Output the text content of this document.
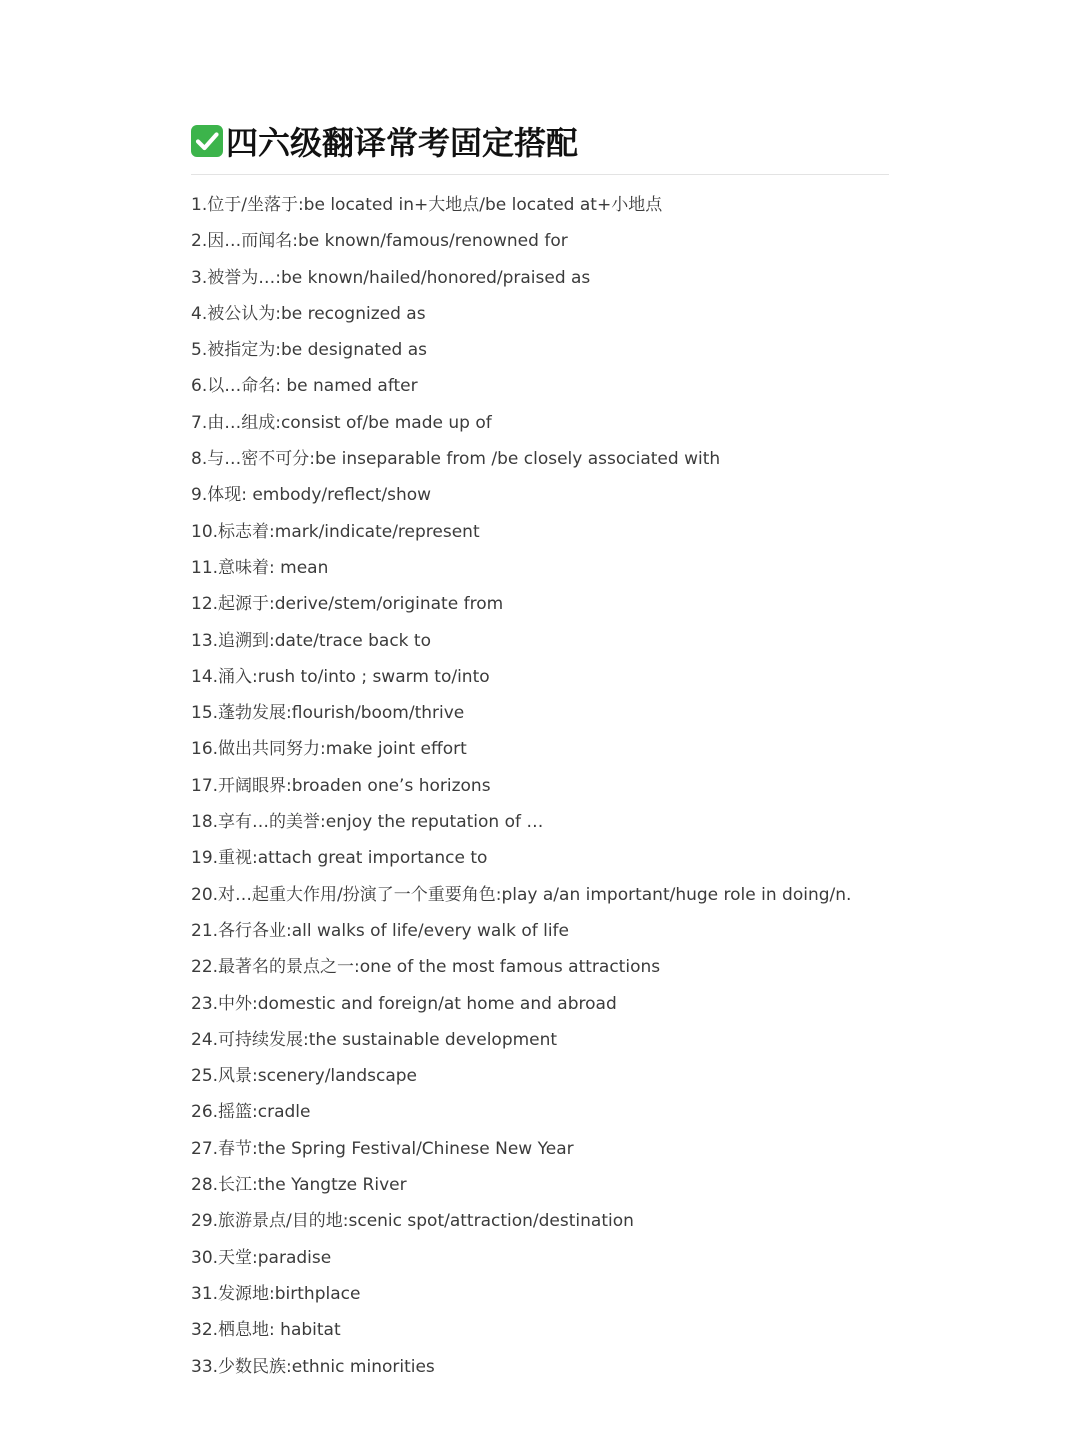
四六级翻译常考固定搭配
1.位于/坐落于:be located in+大地点/be located at+小地点
2.因…而闻名:be known/famous/renowned for
3.被誉为…:be known/hailed/honored/praised as
4.被公认为:be recognized as
5.被指定为:be designated as
6.以…命名: be named after
7.由…组成:consist of/be made up of
8.与…密不可分:be inseparable from /be closely associated with
9.体现: embody/reflect/show
10.标志着:mark/indicate/represent
11.意味着: mean
12.起源于:derive/stem/originate from
13.追溯到:date/trace back to
14.涌入:rush to/into ; swarm to/into
15.蓬勃发展:flourish/boom/thrive
16.做出共同努力:make joint effort
17.开阔眼界:broaden one’s horizons
18.享有…的美誉:enjoy the reputation of …
19.重视:attach great importance to
20.对…起重大作用/扮演了一个重要角色:play a/an important/huge role in doing/n.
21.各行各业:all walks of life/every walk of life
22.最著名的景点之一:one of the most famous attractions
23.中外:domestic and foreign/at home and abroad
24.可持续发展:the sustainable development
25.风景:scenery/landscape
26.摇篮:cradle
27.春节:the Spring Festival/Chinese New Year
28.长江:the Yangtze River
29.旅游景点/目的地:scenic spot/attraction/destination
30.天堂:paradise
31.发源地:birthplace
32.栖息地: habitat
33.少数民族:ethnic minorities
